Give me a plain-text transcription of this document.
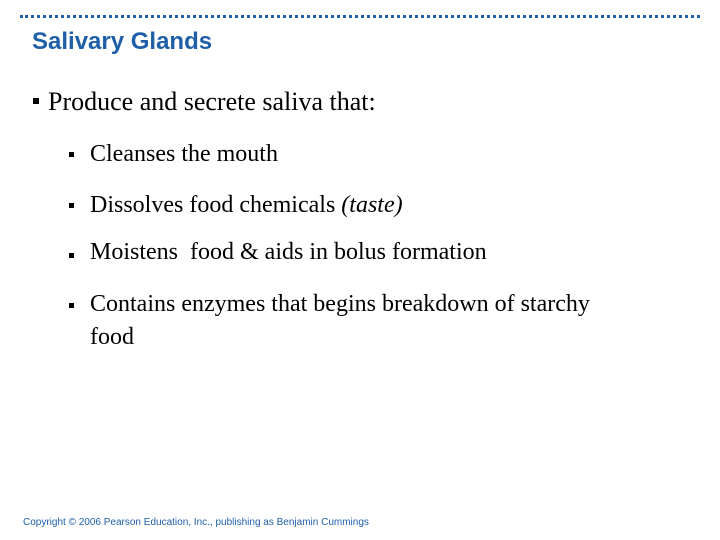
Salivary Glands
Produce and secrete saliva that:
Cleanses the mouth
Dissolves food chemicals (taste)
Moistens  food & aids in bolus formation
Contains enzymes that begins breakdown of starchy
food
Copyright © 2006 Pearson Education, Inc., publishing as Benjamin Cummings
